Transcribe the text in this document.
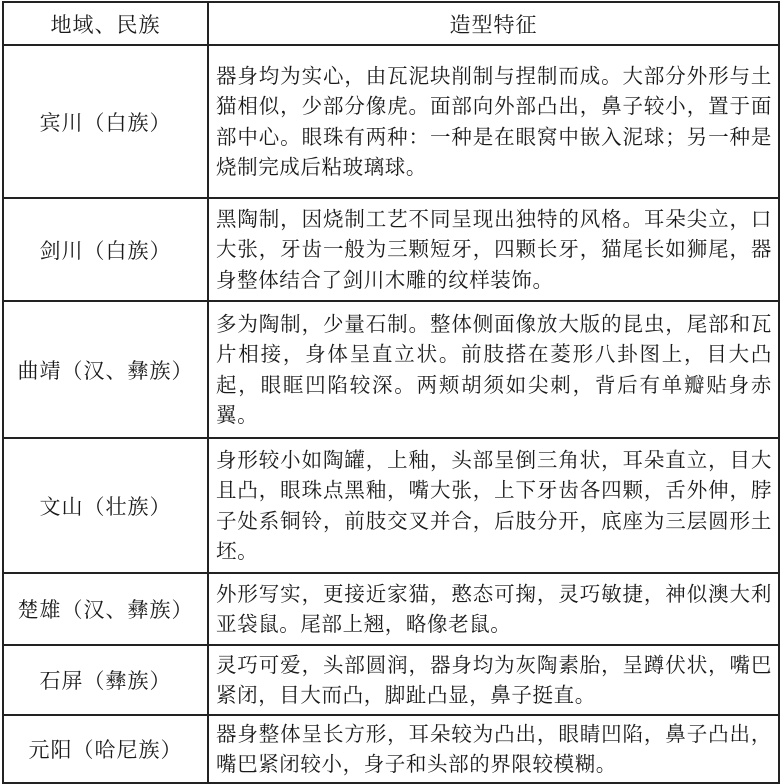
地域、民族	造型特征
宾川（白族）	器身均为实心，由瓦泥块削制与捏制而成。大部分外形与土猫相似，少部分像虎。面部向外部凸出，鼻子较小，置于面部中心。眼珠有两种：一种是在眼窝中嵌入泥球；另一种是烧制完成后粘玻璃球。
剑川（白族）	黑陶制，因烧制工艺不同呈现出独特的风格。耳朵尖立，口大张，牙齿一般为三颗短牙，四颗长牙，猫尾长如狮尾，器身整体结合了剑川木雕的纹样装饰。
曲靖（汉、彝族）	多为陶制，少量石制。整体侧面像放大版的昆虫，尾部和瓦片相接，身体呈直立状。前肢搭在菱形八卦图上，目大凸起，眼眶凹陷较深。两颊胡须如尖刺，背后有单瓣贴身赤翼。
文山（壮族）	身形较小如陶罐，上釉，头部呈倒三角状，耳朵直立，目大且凸，眼珠点黑釉，嘴大张，上下牙齿各四颗，舌外伸，脖子处系铜铃，前肢交叉并合，后肢分开，底座为三层圆形土坯。
楚雄（汉、彝族）	外形写实，更接近家猫，憨态可掬，灵巧敏捷，神似澳大利亚袋鼠。尾部上翘，略像老鼠。
石屏（彝族）	灵巧可爱，头部圆润，器身均为灰陶素胎，呈蹲伏状，嘴巴紧闭，目大而凸，脚趾凸显，鼻子挺直。
元阳（哈尼族）	器身整体呈长方形，耳朵较为凸出，眼睛凹陷，鼻子凸出，嘴巴紧闭较小，身子和头部的界限较模糊。
